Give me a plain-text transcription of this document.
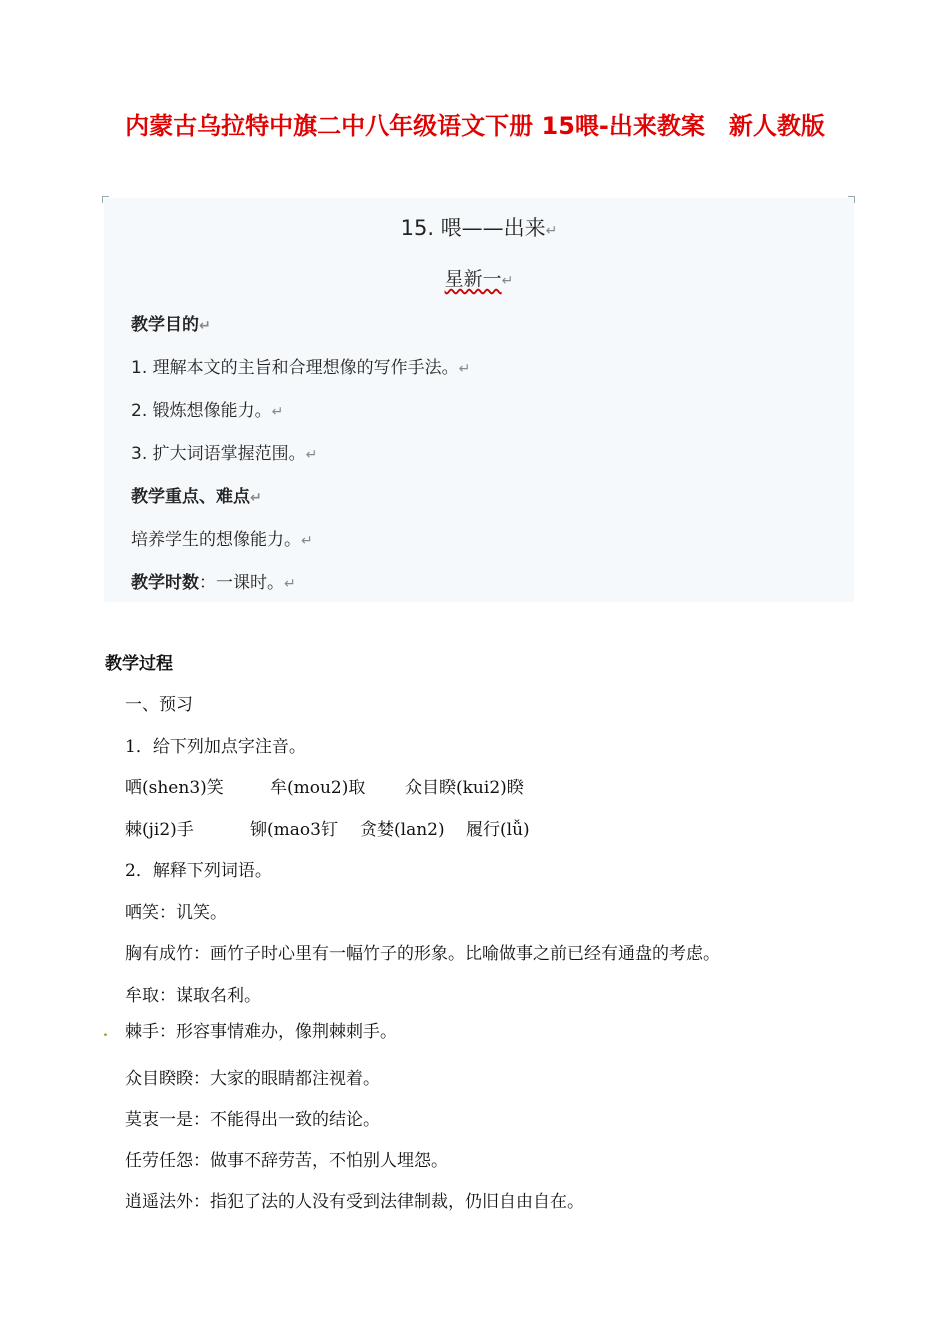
内蒙古乌拉特中旗二中八年级语文下册 15喂-出来教案　新人教版
15. 喂——出来↵
星新一↵
教学目的↵
1. 理解本文的主旨和合理想像的写作手法。↵
2. 锻炼想像能力。↵
3. 扩大词语掌握范围。↵
教学重点、难点↵
培养学生的想像能力。↵
教学时数：一课时。↵
教学过程
一、预习
1．给下列加点字注音。
哂(shen3)笑	牟(mou2)取 众目睽(kui2)睽
棘(ji2)手	铆(mao3钉 贪婪(lan2) 履行(lǚ)
2．解释下列词语。
哂笑：讥笑。
胸有成竹：画竹子时心里有一幅竹子的形象。比喻做事之前已经有通盘的考虑。
牟取：谋取名利。
. 棘手：形容事情难办，像荆棘刺手。
众目睽睽：大家的眼睛都注视着。
莫衷一是：不能得出一致的结论。
任劳任怨：做事不辞劳苦，不怕别人埋怨。
逍遥法外：指犯了法的人没有受到法律制裁，仍旧自由自在。
